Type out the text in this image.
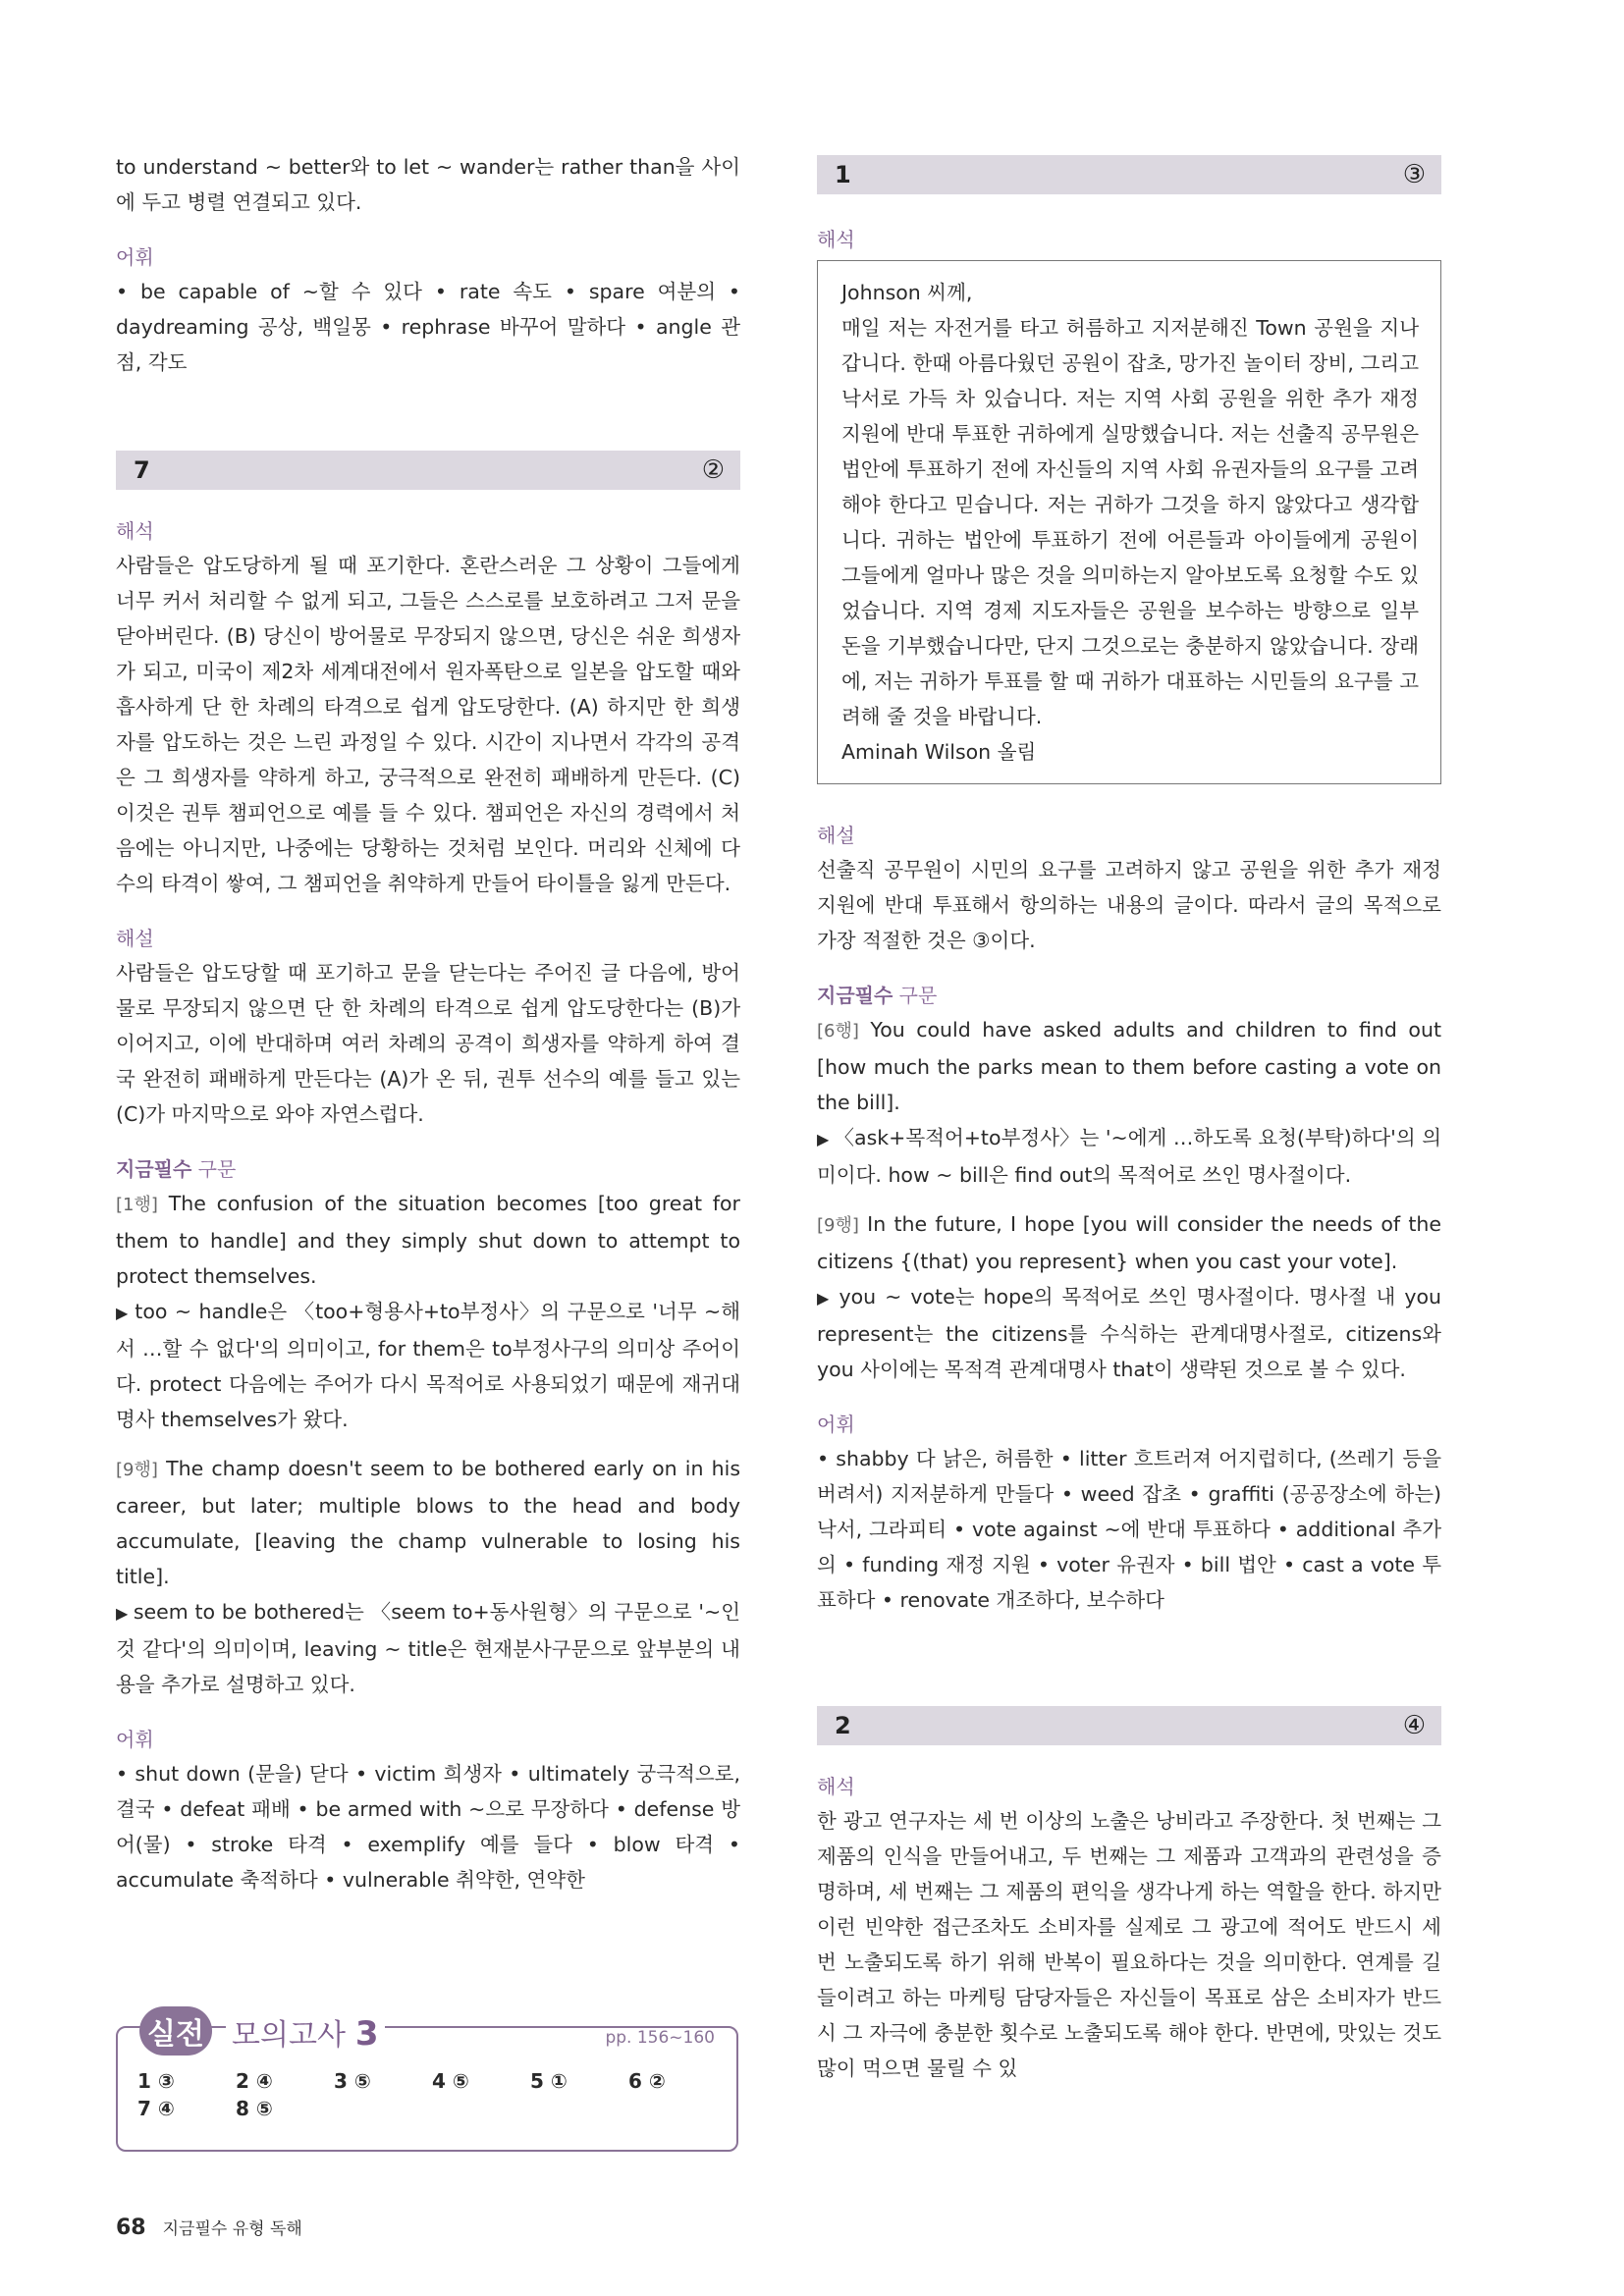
to understand ~ better와 to let ~ wander는 rather than을 사이에 두고 병렬 연결되고 있다.

어휘

• be capable of ~할 수 있다 • rate 속도 • spare 여분의 • daydreaming 공상, 백일몽 • rephrase 바꾸어 말하다 • angle 관점, 각도

7	②
해석

사람들은 압도당하게 될 때 포기한다. 혼란스러운 그 상황이 그들에게 너무 커서 처리할 수 없게 되고, 그들은 스스로를 보호하려고 그저 문을 닫아버린다. (B) 당신이 방어물로 무장되지 않으면, 당신은 쉬운 희생자가 되고, 미국이 제2차 세계대전에서 원자폭탄으로 일본을 압도할 때와 흡사하게 단 한 차례의 타격으로 쉽게 압도당한다. (A) 하지만 한 희생자를 압도하는 것은 느린 과정일 수 있다. 시간이 지나면서 각각의 공격은 그 희생자를 약하게 하고, 궁극적으로 완전히 패배하게 만든다. (C) 이것은 권투 챔피언으로 예를 들 수 있다. 챔피언은 자신의 경력에서 처음에는 아니지만, 나중에는 당황하는 것처럼 보인다. 머리와 신체에 다수의 타격이 쌓여, 그 챔피언을 취약하게 만들어 타이틀을 잃게 만든다.

해설

사람들은 압도당할 때 포기하고 문을 닫는다는 주어진 글 다음에, 방어물로 무장되지 않으면 단 한 차례의 타격으로 쉽게 압도당한다는 (B)가 이어지고, 이에 반대하며 여러 차례의 공격이 희생자를 약하게 하여 결국 완전히 패배하게 만든다는 (A)가 온 뒤, 권투 선수의 예를 들고 있는 (C)가 마지막으로 와야 자연스럽다.

지금필수 구문

[1행] The confusion of the situation becomes [too great for them to handle] and they simply shut down to attempt to protect themselves.

▶ too ~ handle은 〈too+형용사+to부정사〉의 구문으로 '너무 ~해서 …할 수 없다'의 의미이고, for them은 to부정사구의 의미상 주어이다. protect 다음에는 주어가 다시 목적어로 사용되었기 때문에 재귀대명사 themselves가 왔다.

[9행] The champ doesn't seem to be bothered early on in his career, but later; multiple blows to the head and body accumulate, [leaving the champ vulnerable to losing his title].

▶ seem to be bothered는 〈seem to+동사원형〉의 구문으로 '~인 것 같다'의 의미이며, leaving ~ title은 현재분사구문으로 앞부분의 내용을 추가로 설명하고 있다.

어휘

• shut down (문을) 닫다 • victim 희생자 • ultimately 궁극적으로, 결국 • defeat 패배 • be armed with ~으로 무장하다 • defense 방어(물) • stroke 타격 • exemplify 예를 들다 • blow 타격 • accumulate 축적하다 • vulnerable 취약한, 연약한

실전 모의고사 3	pp. 156~160
1 ③	2 ④	3 ⑤	4 ⑤	5 ①	6 ②
7 ④	8 ⑤
1	③
해석

Johnson 씨께,

매일 저는 자전거를 타고 허름하고 지저분해진 Town 공원을 지나갑니다. 한때 아름다웠던 공원이 잡초, 망가진 놀이터 장비, 그리고 낙서로 가득 차 있습니다. 저는 지역 사회 공원을 위한 추가 재정 지원에 반대 투표한 귀하에게 실망했습니다. 저는 선출직 공무원은 법안에 투표하기 전에 자신들의 지역 사회 유권자들의 요구를 고려해야 한다고 믿습니다. 저는 귀하가 그것을 하지 않았다고 생각합니다. 귀하는 법안에 투표하기 전에 어른들과 아이들에게 공원이 그들에게 얼마나 많은 것을 의미하는지 알아보도록 요청할 수도 있었습니다. 지역 경제 지도자들은 공원을 보수하는 방향으로 일부 돈을 기부했습니다만, 단지 그것으로는 충분하지 않았습니다. 장래에, 저는 귀하가 투표를 할 때 귀하가 대표하는 시민들의 요구를 고려해 줄 것을 바랍니다.

Aminah Wilson 올림

해설

선출직 공무원이 시민의 요구를 고려하지 않고 공원을 위한 추가 재정 지원에 반대 투표해서 항의하는 내용의 글이다. 따라서 글의 목적으로 가장 적절한 것은 ③이다.

지금필수 구문

[6행] You could have asked adults and children to find out [how much the parks mean to them before casting a vote on the bill].

▶ 〈ask+목적어+to부정사〉는 '~에게 …하도록 요청(부탁)하다'의 의미이다. how ~ bill은 find out의 목적어로 쓰인 명사절이다.

[9행] In the future, I hope [you will consider the needs of the citizens {(that) you represent} when you cast your vote].

▶ you ~ vote는 hope의 목적어로 쓰인 명사절이다. 명사절 내 you represent는 the citizens를 수식하는 관계대명사절로, citizens와 you 사이에는 목적격 관계대명사 that이 생략된 것으로 볼 수 있다.

어휘

• shabby 다 낡은, 허름한 • litter 흐트러져 어지럽히다, (쓰레기 등을 버려서) 지저분하게 만들다 • weed 잡초 • graffiti (공공장소에 하는) 낙서, 그라피티 • vote against ~에 반대 투표하다 • additional 추가의 • funding 재정 지원 • voter 유권자 • bill 법안 • cast a vote 투표하다 • renovate 개조하다, 보수하다

2	④
해석

한 광고 연구자는 세 번 이상의 노출은 낭비라고 주장한다. 첫 번째는 그 제품의 인식을 만들어내고, 두 번째는 그 제품과 고객과의 관련성을 증명하며, 세 번째는 그 제품의 편익을 생각나게 하는 역할을 한다. 하지만 이런 빈약한 접근조차도 소비자를 실제로 그 광고에 적어도 반드시 세 번 노출되도록 하기 위해 반복이 필요하다는 것을 의미한다. 연계를 길들이려고 하는 마케팅 담당자들은 자신들이 목표로 삼은 소비자가 반드시 그 자극에 충분한 횟수로 노출되도록 해야 한다. 반면에, 맛있는 것도 많이 먹으면 물릴 수 있

68 지금필수 유형 독해
